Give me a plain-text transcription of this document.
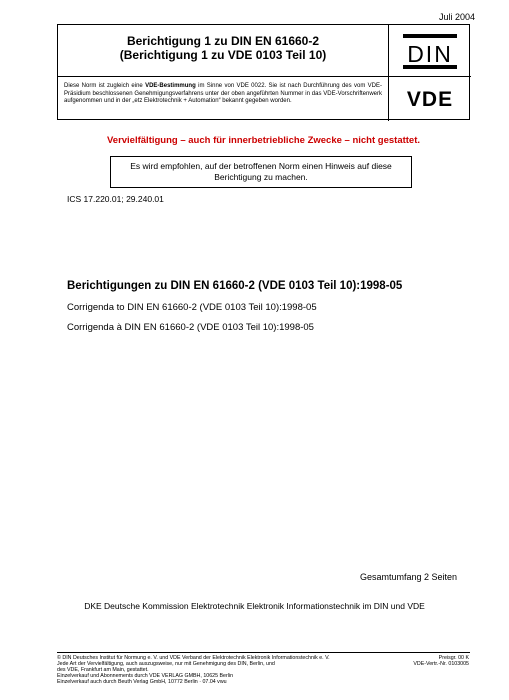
Juli 2004
Berichtigung 1 zu DIN EN 61660-2
(Berichtigung 1 zu VDE 0103 Teil 10)	DIN
Diese Norm ist zugleich eine VDE-Bestimmung im Sinne von VDE 0022. Sie ist nach Durchführung des vom VDE-Präsidium beschlossenen Genehmigungsverfahrens unter der oben angeführten Nummer in das VDE-Vorschriftenwerk aufgenommen und in der „etz Elektrotechnik + Automation“ bekannt gegeben worden.	VDE
Vervielfältigung – auch für innerbetriebliche Zwecke – nicht gestattet.
Es wird empfohlen, auf der betroffenen Norm einen Hinweis auf diese
Berichtigung zu machen.
ICS 17.220.01; 29.240.01
Berichtigungen zu DIN EN 61660-2 (VDE 0103 Teil 10):1998-05
Corrigenda to DIN EN 61660-2 (VDE 0103 Teil 10):1998-05
Corrigenda à DIN EN 61660-2 (VDE 0103 Teil 10):1998-05
Gesamtumfang 2 Seiten
DKE Deutsche Kommission Elektrotechnik Elektronik Informationstechnik im DIN und VDE
© DIN Deutsches Institut für Normung e. V. und VDE Verband der Elektrotechnik Elektronik Informationstechnik e. V.
Jede Art der Vervielfältigung, auch auszugsweise, nur mit Genehmigung des DIN, Berlin, und
des VDE, Frankfurt am Main, gestattet.
Einzelverkauf und Abonnements durch VDE VERLAG GMBH, 10625 Berlin
Einzelverkauf auch durch Beuth Verlag GmbH, 10772 Berlin · 07.04 vwu
Preisgr. 00 K
VDE-Vertr.-Nr. 0103005
